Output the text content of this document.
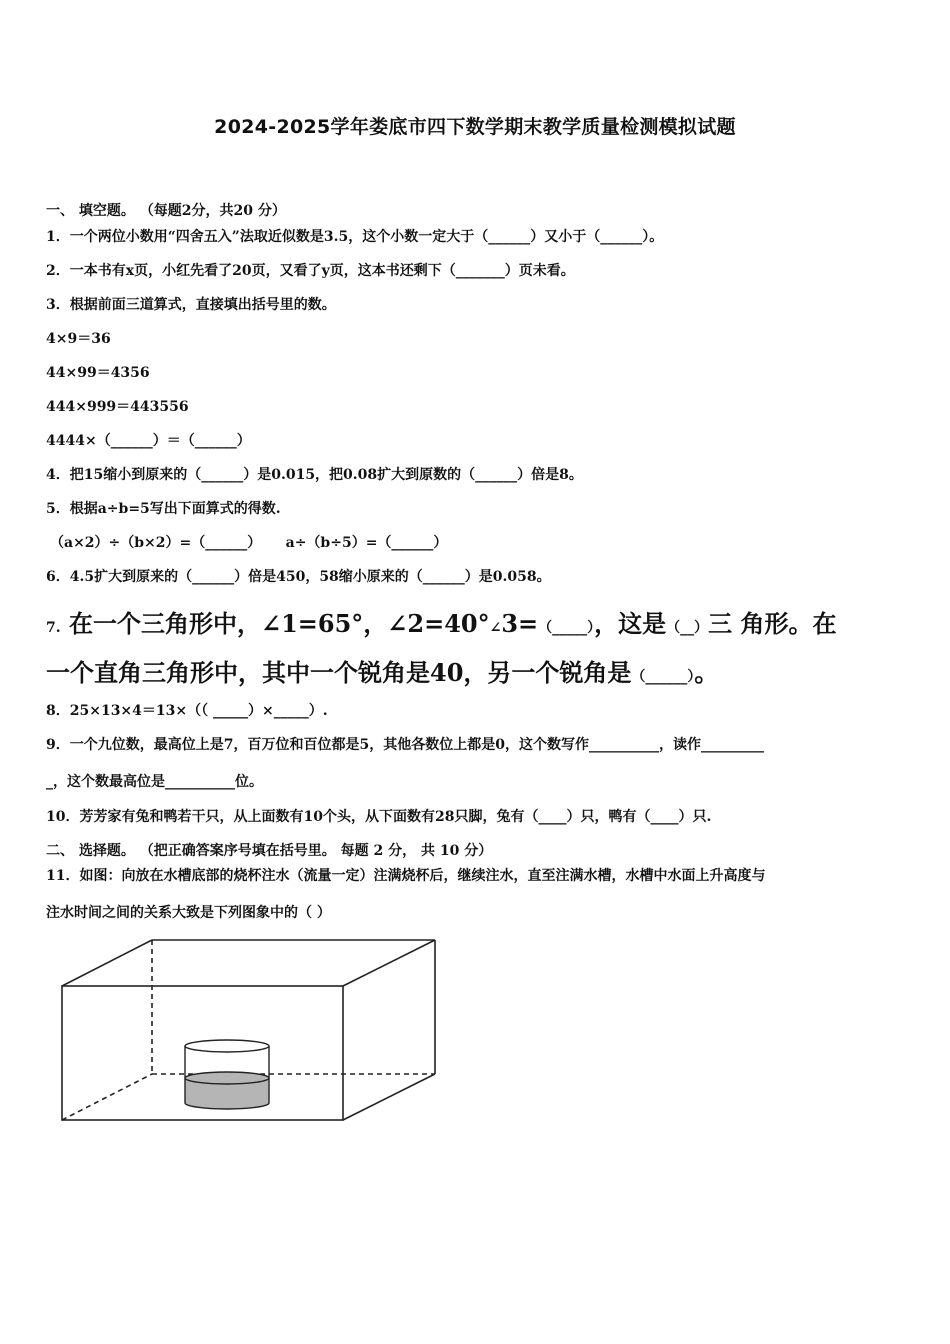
2024-2025学年娄底市四下数学期末教学质量检测模拟试题
一、 填空题。 （每题2分，共20 分）
1．一个两位小数用“四舍五入”法取近似数是3.5，这个小数一定大于（______）又小于（______）。
2．一本书有x页，小红先看了20页，又看了y页，这本书还剩下（_______）页未看。
3．根据前面三道算式，直接填出括号里的数。
4×9＝36
44×99＝4356
444×999＝443556
4444×（______）＝（______）
4．把15缩小到原来的（______）是0.015，把0.08扩大到原数的（______）倍是8。
5．根据a÷b=5写出下面算式的得数.
（a×2）÷（b×2）=（______）     a÷（b÷5）=（______）
6．4.5扩大到原来的（______）倍是450，58缩小原来的（______）是0.058。
7. 在一个三角形中，∠1=65°，∠2=40°∠3=（_____），这是（__）三 角形。在
一个直角三角形中，其中一个锐角是40，另一个锐角是（______）。
8．25×13×4＝13×（（ _____）×_____）.
9．一个九位数，最高位上是7，百万位和百位都是5，其他各数位上都是0，这个数写作__________，读作_________
_，这个数最高位是__________位。
10．芳芳家有兔和鸭若干只，从上面数有10个头，从下面数有28只脚，兔有（____）只，鸭有（____）只.
二、 选择题。 （把正确答案序号填在括号里。 每题 2 分， 共 10 分）
11．如图：向放在水槽底部的烧杯注水（流量一定）注满烧杯后，继续注水，直至注满水槽，水槽中水面上升高度与
注水时间之间的关系大致是下列图象中的（ ）
